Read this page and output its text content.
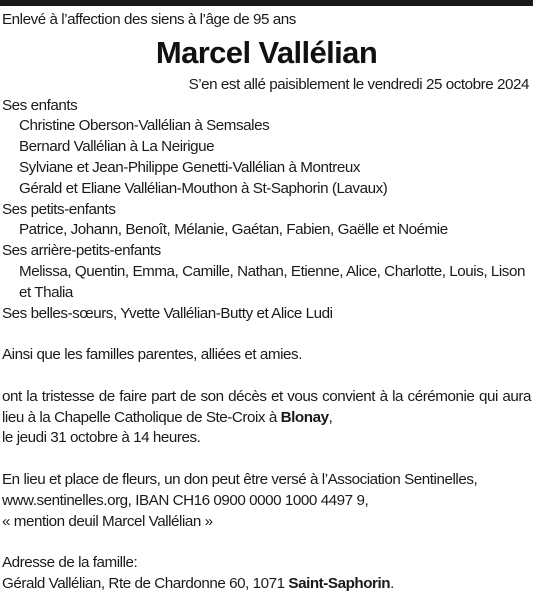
Enlevé à l’affection des siens à l’âge de 95 ans
Marcel Vallélian
S’en est allé paisiblement le vendredi 25 octobre 2024
Ses enfants
Christine Oberson-Vallélian à Semsales
Bernard Vallélian à La Neirigue
Sylviane et Jean-Philippe Genetti-Vallélian à Montreux
Gérald et Eliane Vallélian-Mouthon à St-Saphorin (Lavaux)
Ses petits-enfants
Patrice, Johann, Benoît, Mélanie, Gaétan, Fabien, Gaëlle et Noémie
Ses arrière-petits-enfants
Melissa, Quentin, Emma, Camille, Nathan, Etienne, Alice, Charlotte, Louis, Lison et Thalia
Ses belles-sœurs, Yvette Vallélian-Butty et Alice Ludi
Ainsi que les familles parentes, alliées et amies.
ont la tristesse de faire part de son décès et vous convient à la cérémonie qui aura lieu à la Chapelle Catholique de Ste-Croix à Blonay,
le jeudi 31 octobre à 14 heures.
En lieu et place de fleurs, un don peut être versé à l’Association Sentinelles,
www.sentinelles.org, IBAN CH16 0900 0000 1000 4497 9,
« mention deuil Marcel Vallélian »
Adresse de la famille:
Gérald Vallélian, Rte de Chardonne 60, 1071 Saint-Saphorin.
